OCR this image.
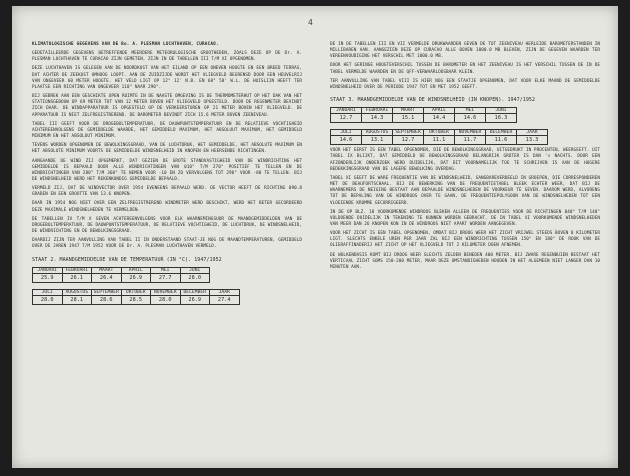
4
KLIMATOLOGISCHE GEGEVENS VAN DE Bo. A. PLESMAN LUCHTHAVEN, CURACAO.
GEDETAILLEERDE GEGEVENS BETREFFENDE MEERDERE METEOROLOGISCHE GROOTHEDEN, ZOALS DEZE OP DE Dr. A. PLESMAN LUCHTHAVEN TE CURACAO ZIJN GEMETEN, ZIJN IN DE TABELLEN III T/M XI OPGENOMEN.
DEZE LUCHTHAVEN IS GELEGEN AAN DE NOORDKUST VAN HET EILAND OP EEN ONEVEN HOOGTE EN EEN BREED TERRAS, DAT ACHTER DE ZEEKUST OMHOOG LOOPT. AAN DE ZUIDZIJDE WORDT HET VLIEGVELD BEGRENSD DOOR EEN HEUVELRIJ VAN ONGEVEER 60 METER HOOGTE. HET VELD LIGT OP 12° 12' N.B. EN 68° 58' W.L. DE HUISLIJN HEEFT TER PLAATSE EEN RICHTING VAN ONGEVEER 110° NAAR 290°.
BIJ GEBREK AAN EEN GESCHIKTE OPEN RUIMTE IN DE NAASTE OMGEVING IS DE THERMOMETERHUT OP HET DAK VAN HET STATIONSGEBOUW OP 69 METER TOT VAN 12 METER BOVEN HET VLIEGVELD OPGESTELD. DOOR DE REGENMETER BEVINDT ZICH DAAR. DE WINDAPPARATUUR IS OPGESTELD OP DE VERKEERSTOREN OP 21 METER BOVEN HET VLIEGVELD. DE APPARATUUR IS NIET ZELFREGISTREREND. DE BAROMETER BEVINDT ZICH 15.6 METER BOVEN ZEENIVEAU.
TABEL III GEEFT VOOR DE DROGEBOLTEMPERATUUR, DE DAUWPUNTSTEMPERATUUR EN DE RELATIEVE VOCHTIGHEID ACHTEREENVOLGENS DE GEMIDDELDE WAARDE, HET GEMIDDELD MAXIMUM, HET ABSOLUUT MAXIMUM, HET GEMIDDELD MINIMUM EN HET ABSOLUUT MINIMUM.
TEVENS WORDEN OPGENOMEN DE BEWOLKINGSGRAAD, VAN DE LUCHTDRUK, HET GEMIDDELDE, HET ABSOLUTE MAXIMUM EN HET ABSOLUTE MINIMUM VOORTS DE GEMIDDELDE WINDSNELHEID IN KNOPEN EN HEERSENDE RICHTINGEN.
AANGAANDE DE WIND ZIJ OPGEMERKT, DAT GEZIEN DE GROTE STANDVASTIGHEID VAN DE WINDRICHTING HET GEMIDDELDE IS BEPAALD DOOR ALLE WINDRICHTINGEN VAN 010° T/M 270° POSITIEF TE TELLEN EN DE WINDRICHTINGEN VAN 280° T/M 360° TE NEMEN VOOR -10 EN ZO VERVOLGENS TOT 290° VOOR -80 TE TELLEN. BIJ DE WINDSNELHEID WERD HET REKENKUNDIG GEMIDDELDE BEPAALD.
VERMELD ZIJ, DAT DE WINDVECTOR OVER 1954 EVENEENS BEPAALD WERD. DE VECTOR HEEFT DE RICHTING 090.8 GRADEN EN EEN GROOTTE VAN 13.6 KNOPEN.
DAAR IN 1954 NOG NIET OVER EEN ZELFREGISTREREND WINDMETER WERD BESCHIKT, WERD HET BETER GECORDEERD DEZE MAXIMALE WINDSNELHEDEN TE VERMELDEN.
DE TABELLEN IV T/M X GEVEN ACHTEREENVOLGENS VOOR ELK WAARNEMINGSUUR DE MAANDGEMIDDELDEN VAN DE DROGEBOLTEMPERATUUR, DE DAUWPUNTSTEMPERATUUR, DE RELATIEVE VOCHTIGHEID, DE LUCHTDRUK, DE WINDSNELHEID, DE WINDRICHTING EN DE BEWOLKINGSGRAAD.
DAARBIJ ZIJN TER AANVULLING VAN TABEL II IN ONDERSTAAND STAAT-JE NOG DE MAANDTEMPERATUREN, GEMIDDELD OVER DE JAREN 1947 T/M 1952 VOOR DE Dr. A. PLESMAN LUCHTHAVEN VERMELD.
STAAT 2. MAANDGEMIDDELDE VAN DE TEMPERATUUR (IN °C). 1947/1952
JANUARI	FEBRUARI	MAART	APRIL	MEI	JUNI
25.9	26.1	26.4	26.9	27.7	28.0
JULI	AUGUSTUS	SEPTEMBER	OKTOBER	NOVEMBER	DECEMBER	JAAR
28.0	28.1	28.6	28.5	28.0	26.9	27.4
DE IN DE TABELLEN III EN VII VERMELDE DRUKWAARDEN GEVEN DE TOT ZEENIVEAU HERLEIDE BAROMETERSTANDEN IN MILLIBAREN AAN. AANGEZIEN DEZE OP CURACAO ALLE BOVEN 1000.0 MB BLEVEN, ZIJN DE GEGEVEN WAARDEN TER VEREENVOUDIGING HET VERSCHIL MET 1000.0 MB.
DOOR HET GERINGE HOOGTEVERSCHIL TUSSEN DE BAROMETER EN HET ZEENIVEAU IS HET VERSCHIL TUSSEN DE IN DE TABEL VERMELDE WAARDEN EN DE QFF-VERWAARLOOSBAAR KLEIN.
TER AANVULLING VAN TABEL VIII IS HIER NOG EEN STAATJE OPGENOMEN, DAT VOOR ELKE MAAND DE GEMIDDELDE WINDSNELHEID OVER DE PERIODE 1947 TOT EN MET 1952 GEEFT.
STAAT 3. MAANDGEMIDDELDE VAN DE WINDSNELHEID (IN KNOPEN). 1947/1952
JANUARI	FEBRUARI	MAART	APRIL	MEI	JUNI
12.7	14.3	15.1	14.4	14.6	16.3
JULI	AUGUSTUS	SEPTEMBER	OKTOBER	NOVEMBER	DECEMBER	JAAR
14.6	13.1	12.7	11.1	11.7	11.6	13.3
VOOR HET EERST IS EEN TABEL OPGENOMEN, DIE DE BEWOLKINGSGRAAD, UITGEDRUKT IN PROCENTEN, WEERGEEFT. UIT TABEL IX BLIJKT, DAT GEMIDDELD DE BEWOLKINGSGRAAD BELANGRIJK GROTER IS DAN 's NACHTS. DOOR EEN AFZONDERLIJK ONDERZOEK WERD DUIDELIJK, DAT DIT VOORNAMELIJK TOE TE SCHRIJVEN IS AAN DE HOGERE BEDEKKINGSGRAAD VAN DE LAGERE BEWOLKING OVERDAG.
TABEL XI GEEFT DE WARE FREQUENTIE VAN DE WINDSNELHEID, GANGBAREVERDEELD IN GROEPEN, DIE CORRESPONDEREN MET DE BEAUFORTSCHAAL. BIJ DE BEWERKING VAN DE FREQUENTIETABEL BLEEK ECHTER WEER, DAT BIJ DE WAARNEMERS DE NEIGING BESTAAT AAN BEPAALDE WINDSNELHEDEN DE VOORKEUR TE GEVEN. DAAROM WERD, ALVORENS TOT DE BEPALING VAN DE WINDROOS OVER TE GAAN, DE FREQUENTIEPOLYGOON VAN DE WINDSNELHEDEN TOT EEN VLOEIENDE KROMME GECORRIGEERD.
IN DE OP BLZ. 18 VOORKOMENDE WINDROOS BLEKEN ALLEEN DE FREQUENTIES VOOR DE RICHTINGEN 040° T/M 140° VOLDOENDE DUIDELIJK IN TEKENING TE KUNNEN WORDEN GEBRACHT. DE IN TABEL XI VOORKOMENDE WINDSNELHEDEN VAN MEER DAN 26 KNOPEN KON IN DE WINDROOS NIET APART WORDEN AANGEGEVEN.
VOOR HET ZICHT IS EEN TABEL OPGENOMEN, OMDAT BIJ DROOG WEER HET ZICHT VRIJWEL STEEDS BOVEN 8 KILOMETER LIGT. SLECHTS ENKELE UREN PER JAAR ZAL BIJ EEN WINDRICHTING TUSSEN 150° EN 180° DE ROOK VAN DE OLIERAFFINADERIJ HET ZICHT OP HET VLIEGVELD TOT 2 KILOMETER DOEN AFNEMEN.
DE WOLKENBASIS KOMT BIJ DROOG WEER SLECHTS ZELDEN BENEDEN 400 METER. BIJ ZWARE REGENBUIEN BESTAAT HET VERTICAAL ZICHT SOMS 150-200 METER, MAAR DEZE OMSTANDIGHEDEN HOUDEN IN HET ALGEMEEN NIET LANGER DAN 10 MINUTEN AAN.
